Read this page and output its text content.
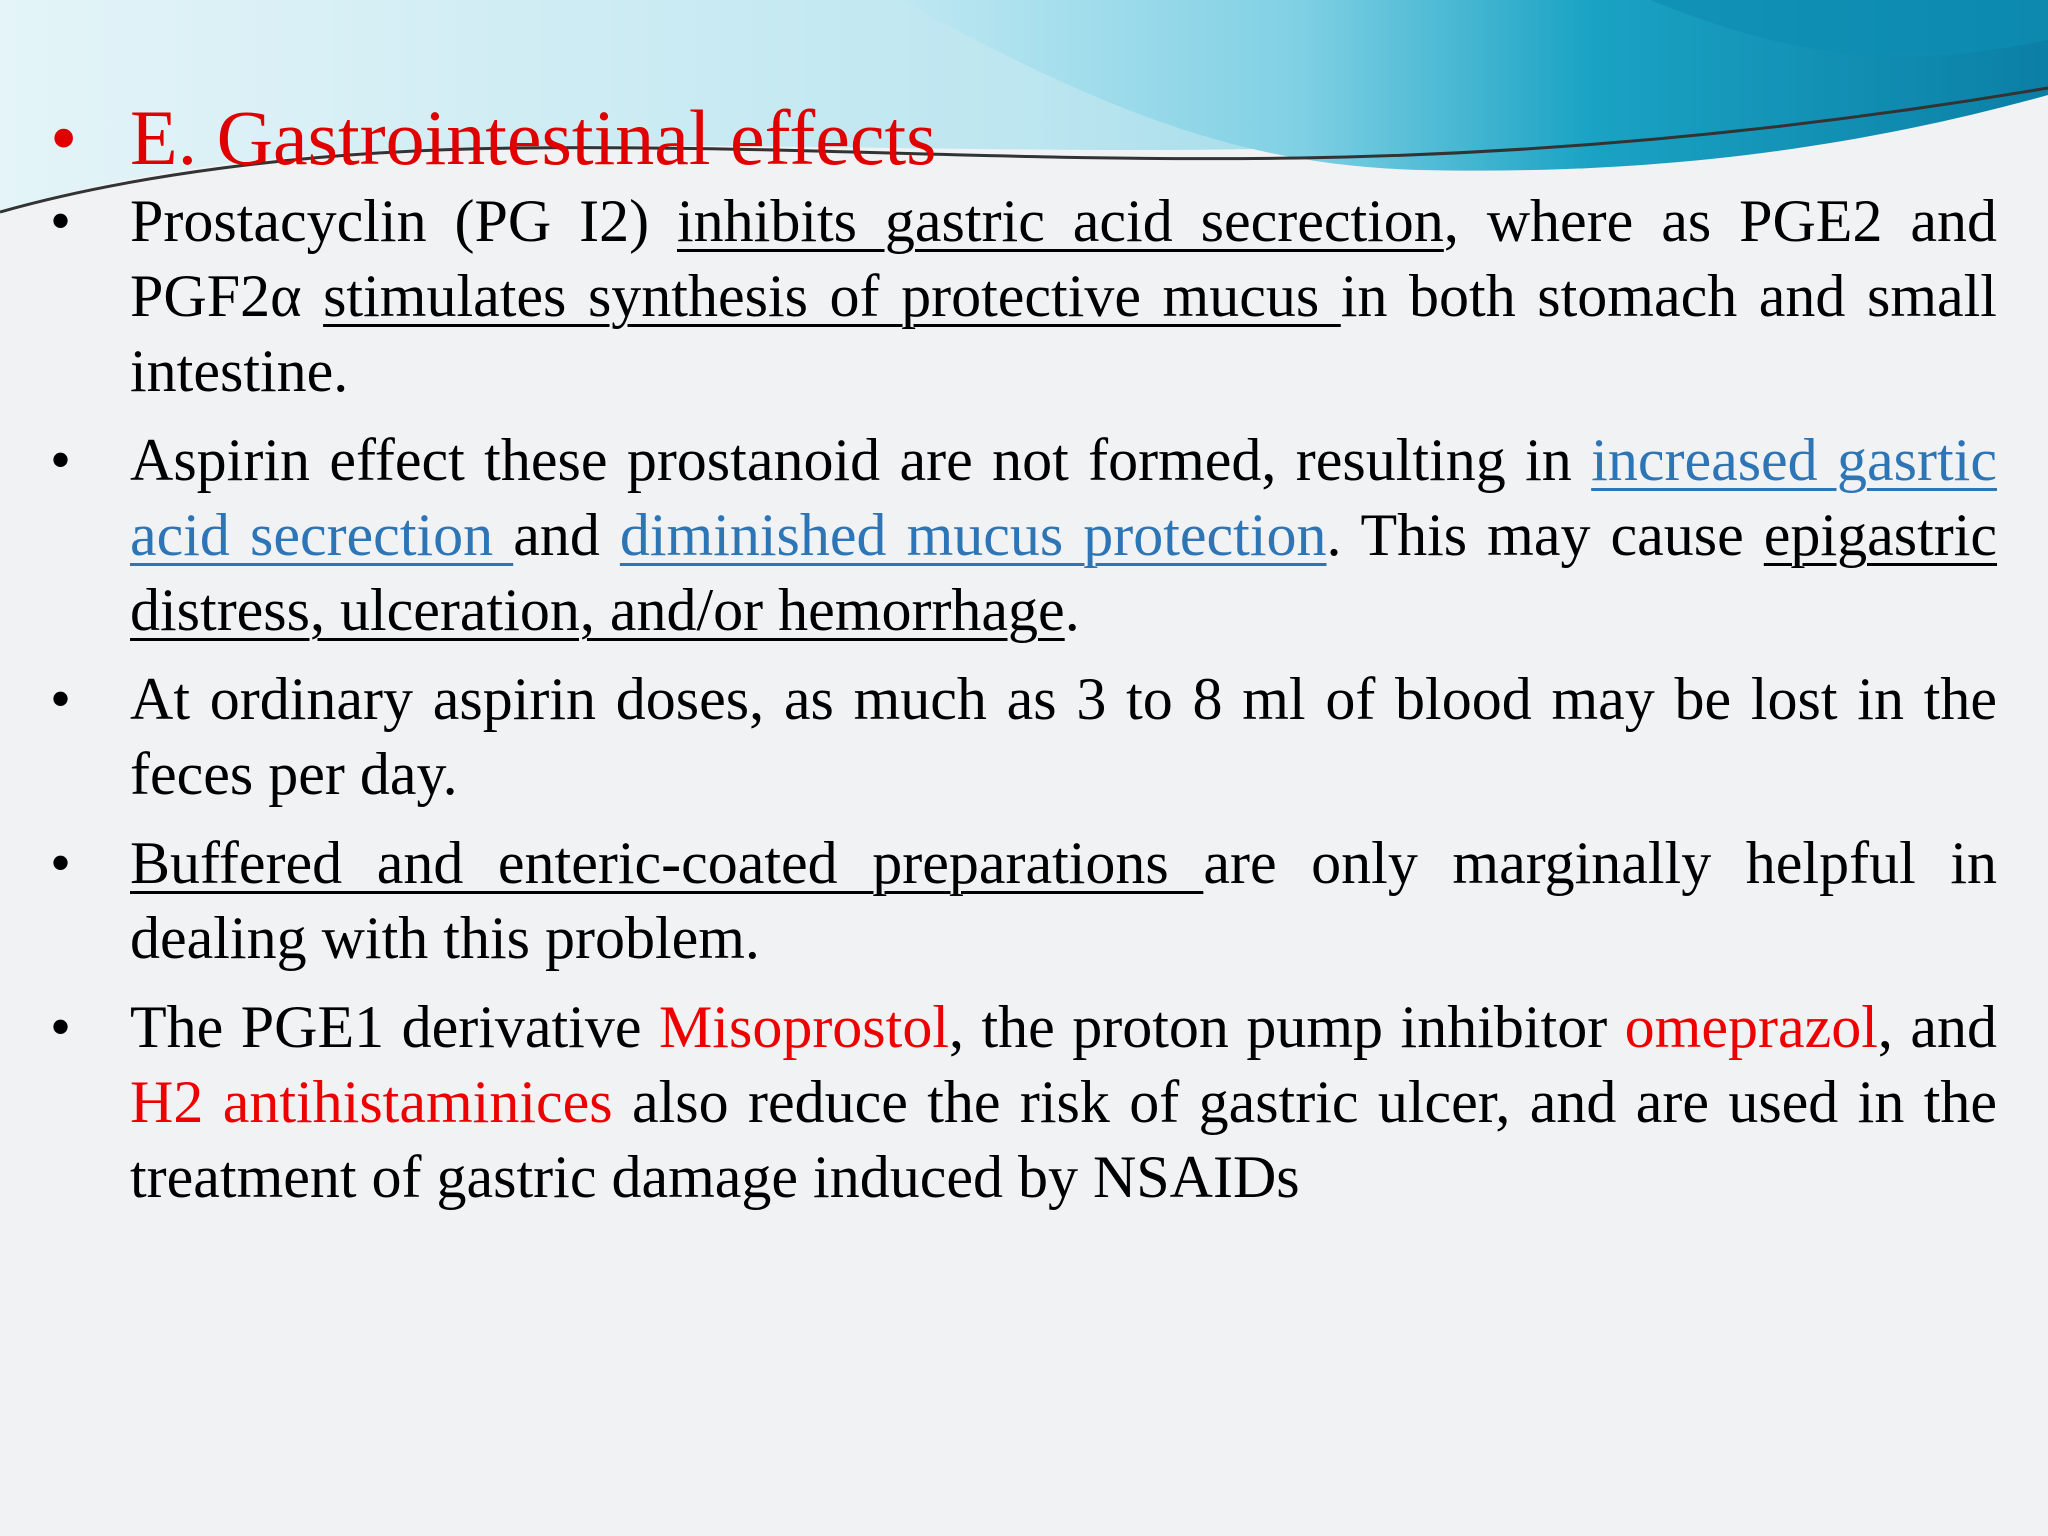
• E. Gastrointestinal effects
• Prostacyclin (PG I2) inhibits gastric acid secrection, where as PGE2 and PGF2α stimulates synthesis of protective mucus in both stomach and small intestine.
• Aspirin effect these prostanoid are not formed, resulting in increased gasrtic acid secrection and diminished mucus protection. This may cause epigastric distress, ulceration, and/or hemorrhage.
• At ordinary aspirin doses, as much as 3 to 8 ml of blood may be lost in the feces per day.
• Buffered and enteric-coated preparations are only marginally helpful in dealing with this problem.
• The PGE1 derivative Misoprostol, the proton pump inhibitor omeprazol, and H2 antihistaminices also reduce the risk of gastric ulcer, and are used in the treatment of gastric damage induced by NSAIDs
